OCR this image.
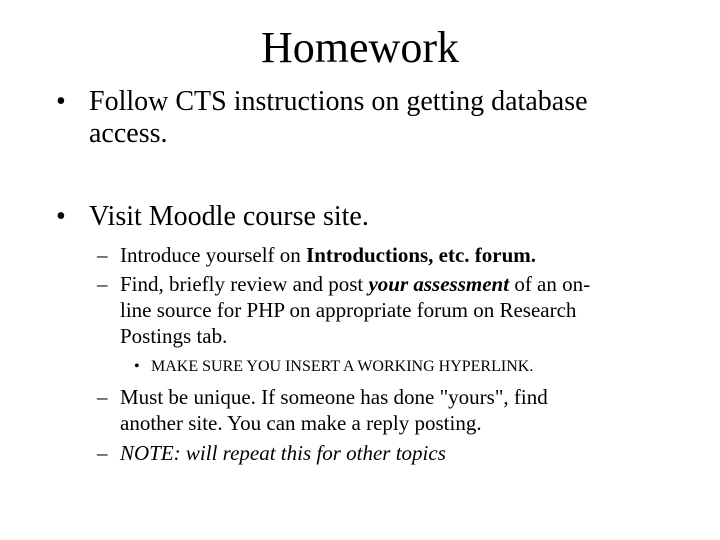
Homework
• Follow CTS instructions on getting database
access.
• Visit Moodle course site.
– Introduce yourself on Introductions, etc. forum.
– Find, briefly review and post your assessment of an on-
line source for PHP on appropriate forum on Research
Postings tab.
• MAKE SURE YOU INSERT A WORKING HYPERLINK.
– Must be unique. If someone has done "yours", find
another site. You can make a reply posting.
– NOTE: will repeat this for other topics
